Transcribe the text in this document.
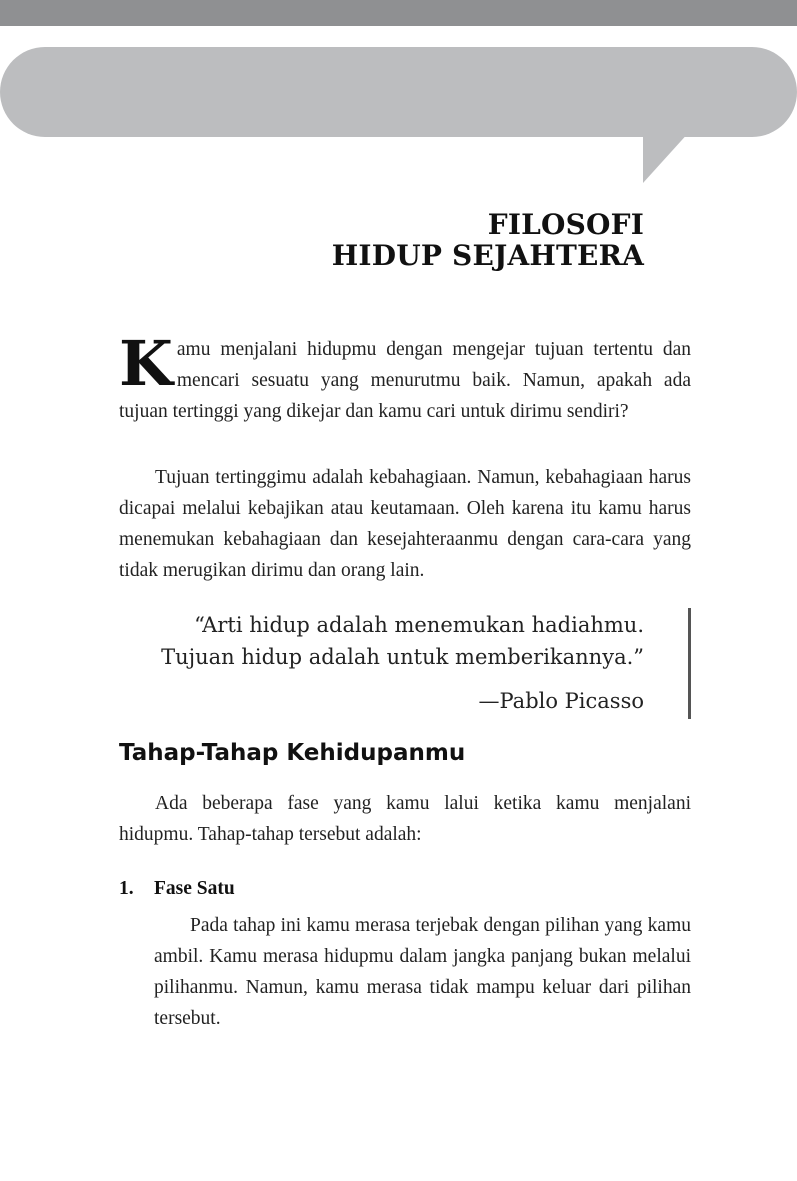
FILOSOFI
HIDUP SEJAHTERA

Kamu menjalani hidupmu dengan mengejar tujuan tertentu dan mencari sesuatu yang menurutmu baik. Namun, apakah ada tujuan tertinggi yang dikejar dan kamu cari untuk dirimu sendiri?

Tujuan tertinggimu adalah kebahagiaan. Namun, kebahagiaan harus dicapai melalui kebajikan atau keutamaan. Oleh karena itu kamu harus menemukan kebahagiaan dan kesejahteraanmu dengan cara-cara yang tidak merugikan dirimu dan orang lain.

“Arti hidup adalah menemukan hadiahmu.
Tujuan hidup adalah untuk memberikannya.”
—Pablo Picasso
Tahap-Tahap Kehidupanmu

Ada beberapa fase yang kamu lalui ketika kamu menjalani hidupmu. Tahap-tahap tersebut adalah:

1. Fase Satu

Pada tahap ini kamu merasa terjebak dengan pilihan yang kamu ambil. Kamu merasa hidupmu dalam jangka panjang bukan melalui pilihanmu. Namun, kamu merasa tidak mampu keluar dari pilihan tersebut.
